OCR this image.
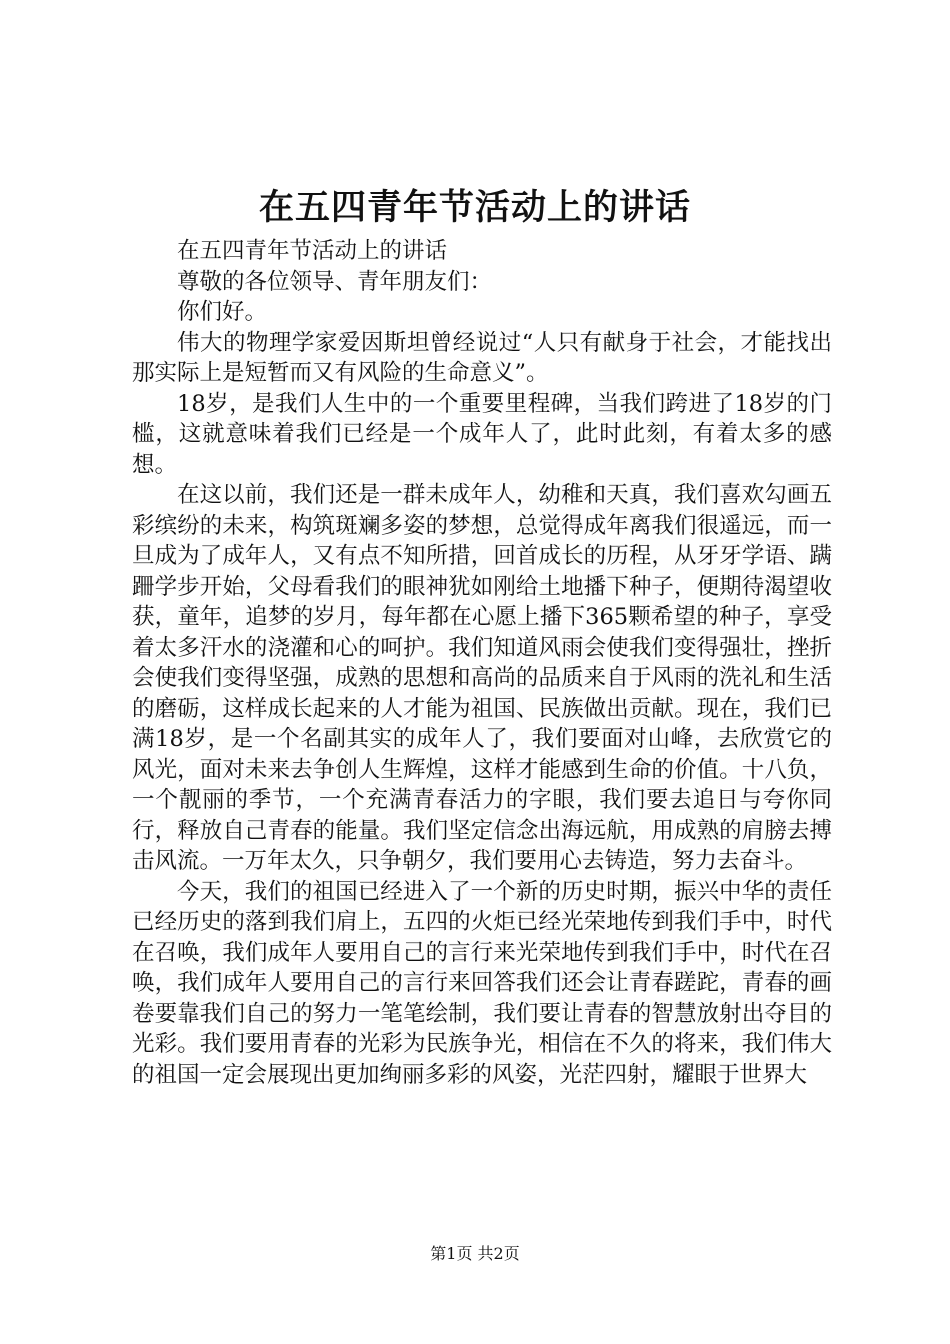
在五四青年节活动上的讲话

在五四青年节活动上的讲话

尊敬的各位领导、青年朋友们：

你们好。

伟大的物理学家爱因斯坦曾经说过“人只有献身于社会，才能找出那实际上是短暂而又有风险的生命意义”。

18岁，是我们人生中的一个重要里程碑，当我们跨进了18岁的门槛，这就意味着我们已经是一个成年人了，此时此刻，有着太多的感想。

在这以前，我们还是一群未成年人，幼稚和天真，我们喜欢勾画五彩缤纷的未来，构筑斑斓多姿的梦想，总觉得成年离我们很遥远，而一旦成为了成年人，又有点不知所措，回首成长的历程，从牙牙学语、蹒跚学步开始，父母看我们的眼神犹如刚给土地播下种子，便期待渴望收获，童年，追梦的岁月，每年都在心愿上播下365颗希望的种子，享受着太多汗水的浇灌和心的呵护。我们知道风雨会使我们变得强壮，挫折会使我们变得坚强，成熟的思想和高尚的品质来自于风雨的洗礼和生活的磨砺，这样成长起来的人才能为祖国、民族做出贡献。现在，我们已满18岁，是一个名副其实的成年人了，我们要面对山峰，去欣赏它的风光，面对未来去争创人生辉煌，这样才能感到生命的价值。十八负，一个靓丽的季节，一个充满青春活力的字眼，我们要去追日与夸你同行，释放自己青春的能量。我们坚定信念出海远航，用成熟的肩膀去搏击风流。一万年太久，只争朝夕，我们要用心去铸造，努力去奋斗。

今天，我们的祖国已经进入了一个新的历史时期，振兴中华的责任已经历史的落到我们肩上，五四的火炬已经光荣地传到我们手中，时代在召唤，我们成年人要用自己的言行来光荣地传到我们手中，时代在召唤，我们成年人要用自己的言行来回答我们还会让青春蹉跎，青春的画卷要靠我们自己的努力一笔笔绘制，我们要让青春的智慧放射出夺目的光彩。我们要用青春的光彩为民族争光，相信在不久的将来，我们伟大的祖国一定会展现出更加绚丽多彩的风姿，光茫四射，耀眼于世界大

第1页 共2页
